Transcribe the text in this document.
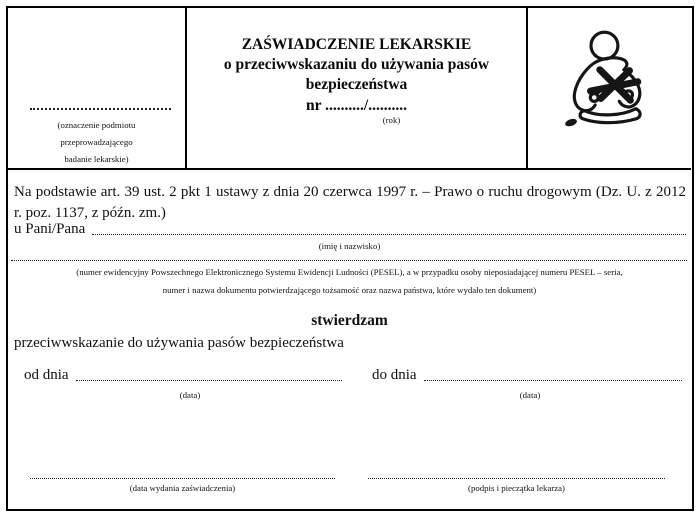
(oznaczenie podmiotu
przeprowadzającego
badanie lekarskie)
ZAŚWIADCZENIE LEKARSKIE
o przeciwwskazaniu do używania pasów
bezpieczeństwa
nr ........../..........
(rok)
Na podstawie art. 39 ust. 2 pkt 1 ustawy z dnia 20 czerwca 1997 r. – Prawo o ruchu drogowym (Dz. U. z 2012 r. poz. 1137, z późn. zm.)
u Pani/Pana
(imię i nazwisko)
(numer ewidencyjny Powszechnego Elektronicznego Systemu Ewidencji Ludności (PESEL), a w przypadku osoby nieposiadającej numeru PESEL – seria,
numer i nazwa dokumentu potwierdzającego tożsamość oraz nazwa państwa, które wydało ten dokument)
stwierdzam
przeciwwskazanie do używania pasów bezpieczeństwa
od dnia
(data)
do dnia
(data)
(data wydania zaświadczenia)	(podpis i pieczątka lekarza)
